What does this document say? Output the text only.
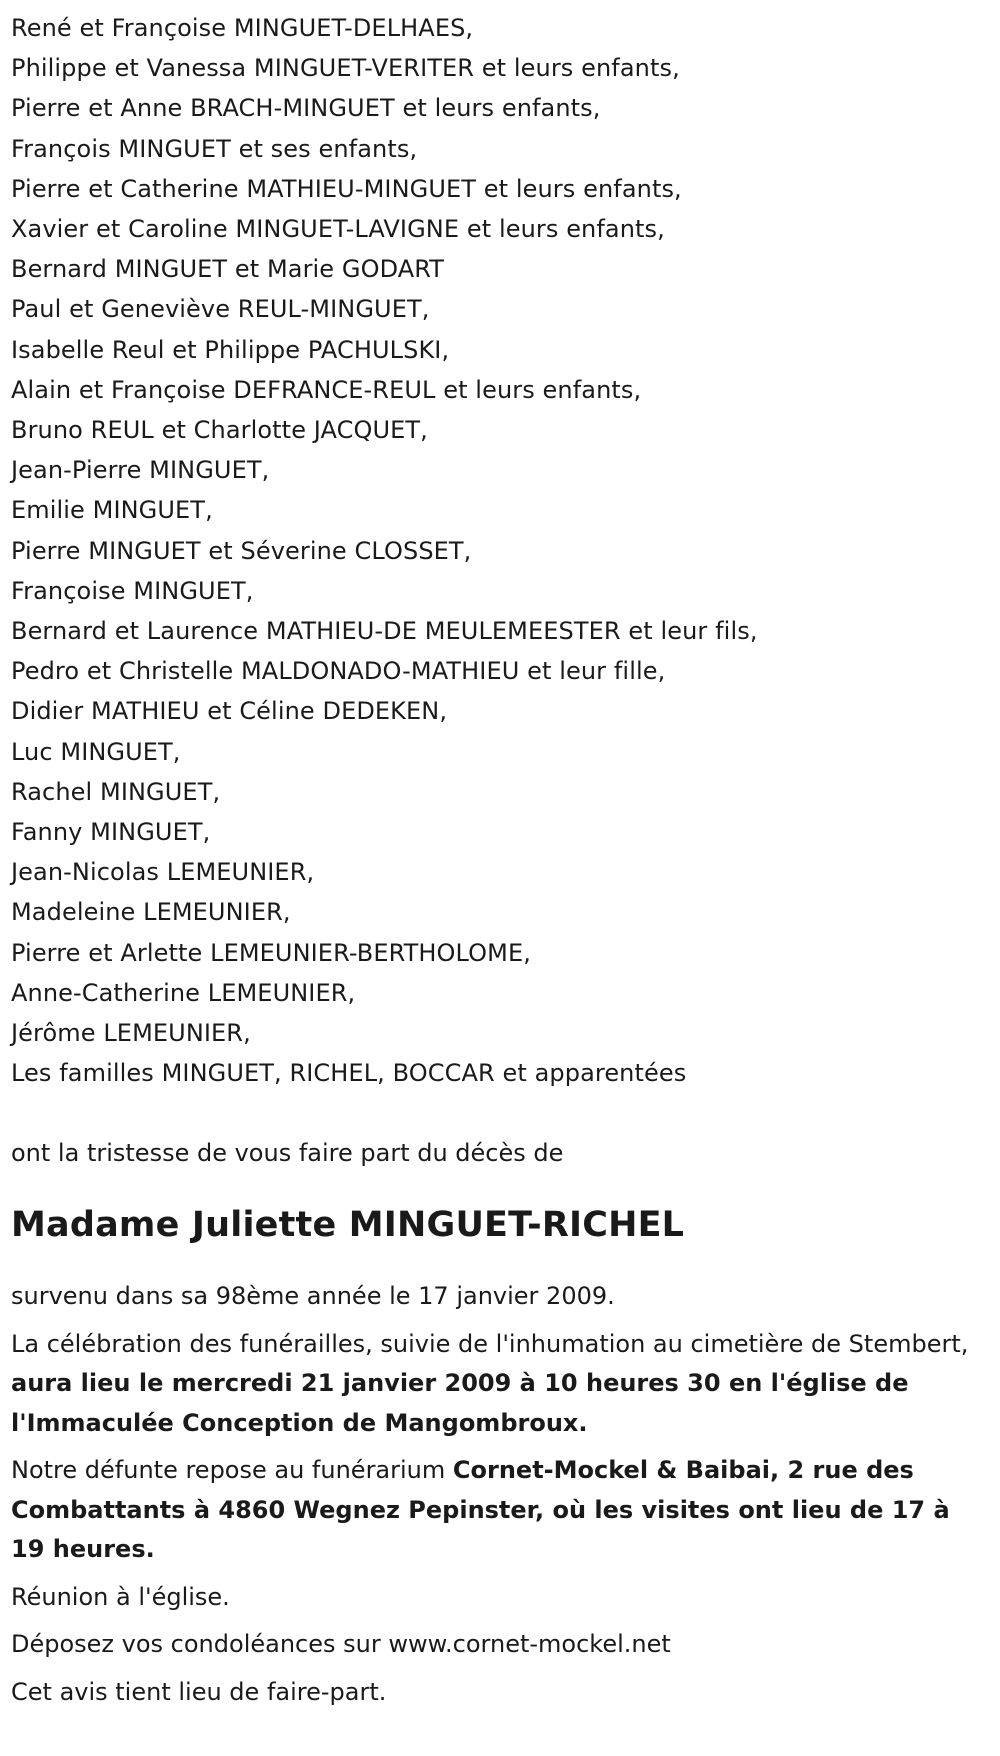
René et Françoise MINGUET-DELHAES,
Philippe et Vanessa MINGUET-VERITER et leurs enfants,
Pierre et Anne BRACH-MINGUET et leurs enfants,
François MINGUET et ses enfants,
Pierre et Catherine MATHIEU-MINGUET et leurs enfants,
Xavier et Caroline MINGUET-LAVIGNE et leurs enfants,
Bernard MINGUET et Marie GODART
Paul et Geneviève REUL-MINGUET,
Isabelle Reul et Philippe PACHULSKI,
Alain et Françoise DEFRANCE-REUL et leurs enfants,
Bruno REUL et Charlotte JACQUET,
Jean-Pierre MINGUET,
Emilie MINGUET,
Pierre MINGUET et Séverine CLOSSET,
Françoise MINGUET,
Bernard et Laurence MATHIEU-DE MEULEMEESTER et leur fils,
Pedro et Christelle MALDONADO-MATHIEU et leur fille,
Didier MATHIEU et Céline DEDEKEN,
Luc MINGUET,
Rachel MINGUET,
Fanny MINGUET,
Jean-Nicolas LEMEUNIER,
Madeleine LEMEUNIER,
Pierre et Arlette LEMEUNIER-BERTHOLOME,
Anne-Catherine LEMEUNIER,
Jérôme LEMEUNIER,
Les familles MINGUET, RICHEL, BOCCAR et apparentées
ont la tristesse de vous faire part du décès de
Madame Juliette MINGUET-RICHEL

survenu dans sa 98ème année le 17 janvier 2009.

La célébration des funérailles, suivie de l'inhumation au cimetière de Stembert, aura lieu le mercredi 21 janvier 2009 à 10 heures 30 en l'église de l'Immaculée Conception de Mangombroux.

Notre défunte repose au funérarium Cornet-Mockel & Baibai, 2 rue des Combattants à 4860 Wegnez Pepinster, où les visites ont lieu de 17 à 19 heures.

Réunion à l'église.

Déposez vos condoléances sur www.cornet-mockel.net

Cet avis tient lieu de faire-part.
